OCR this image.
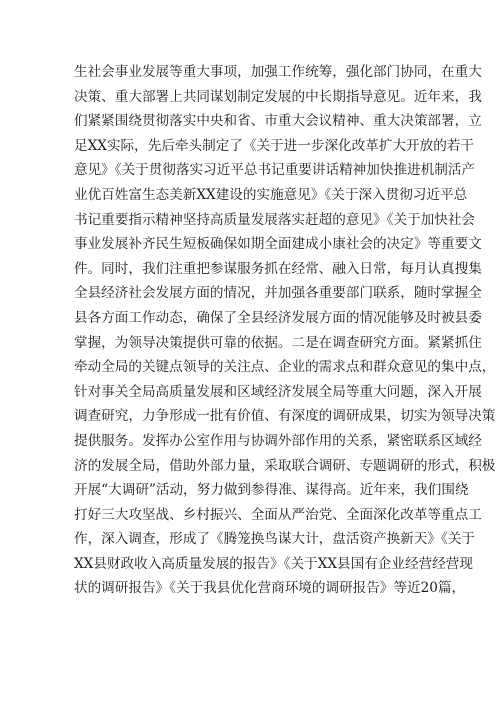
生社会事业发展等重大事项，加强工作统筹，强化部门协同，在重大
决策、重大部署上共同谋划制定发展的中长期指导意见。近年来，我
们紧紧围绕贯彻落实中央和省、市重大会议精神、重大决策部署，立
足XX实际，先后牵头制定了《关于进一步深化改革扩大开放的若干
意见》《关于贯彻落实习近平总书记重要讲话精神加快推进机制活产
业优百姓富生态美新XX建设的实施意见》《关于深入贯彻习近平总
书记重要指示精神坚持高质量发展落实赶超的意见》《关于加快社会
事业发展补齐民生短板确保如期全面建成小康社会的决定》等重要文
件。同时，我们注重把参谋服务抓在经常、融入日常，每月认真搜集
全县经济社会发展方面的情况，并加强各重要部门联系，随时掌握全
县各方面工作动态，确保了全县经济发展方面的情况能够及时被县委
掌握，为领导决策提供可靠的依据。二是在调查研究方面。紧紧抓住
牵动全局的关键点领导的关注点、企业的需求点和群众意见的集中点，
针对事关全局高质量发展和区域经济发展全局等重大问题，深入开展
调查研究，力争形成一批有价值、有深度的调研成果，切实为领导决策
提供服务。发挥办公室作用与协调外部作用的关系，紧密联系区域经
济的发展全局，借助外部力量，采取联合调研、专题调研的形式，积极
开展“大调研”活动，努力做到参得准、谋得高。近年来，我们围绕
打好三大攻坚战、乡村振兴、全面从严治党、全面深化改革等重点工
作，深入调查，形成了《腾笼换鸟谋大计，盘活资产换新天》《关于
XX县财政收入高质量发展的报告》《关于XX县国有企业经营经营现
状的调研报告》《关于我县优化营商环境的调研报告》等近20篇，
